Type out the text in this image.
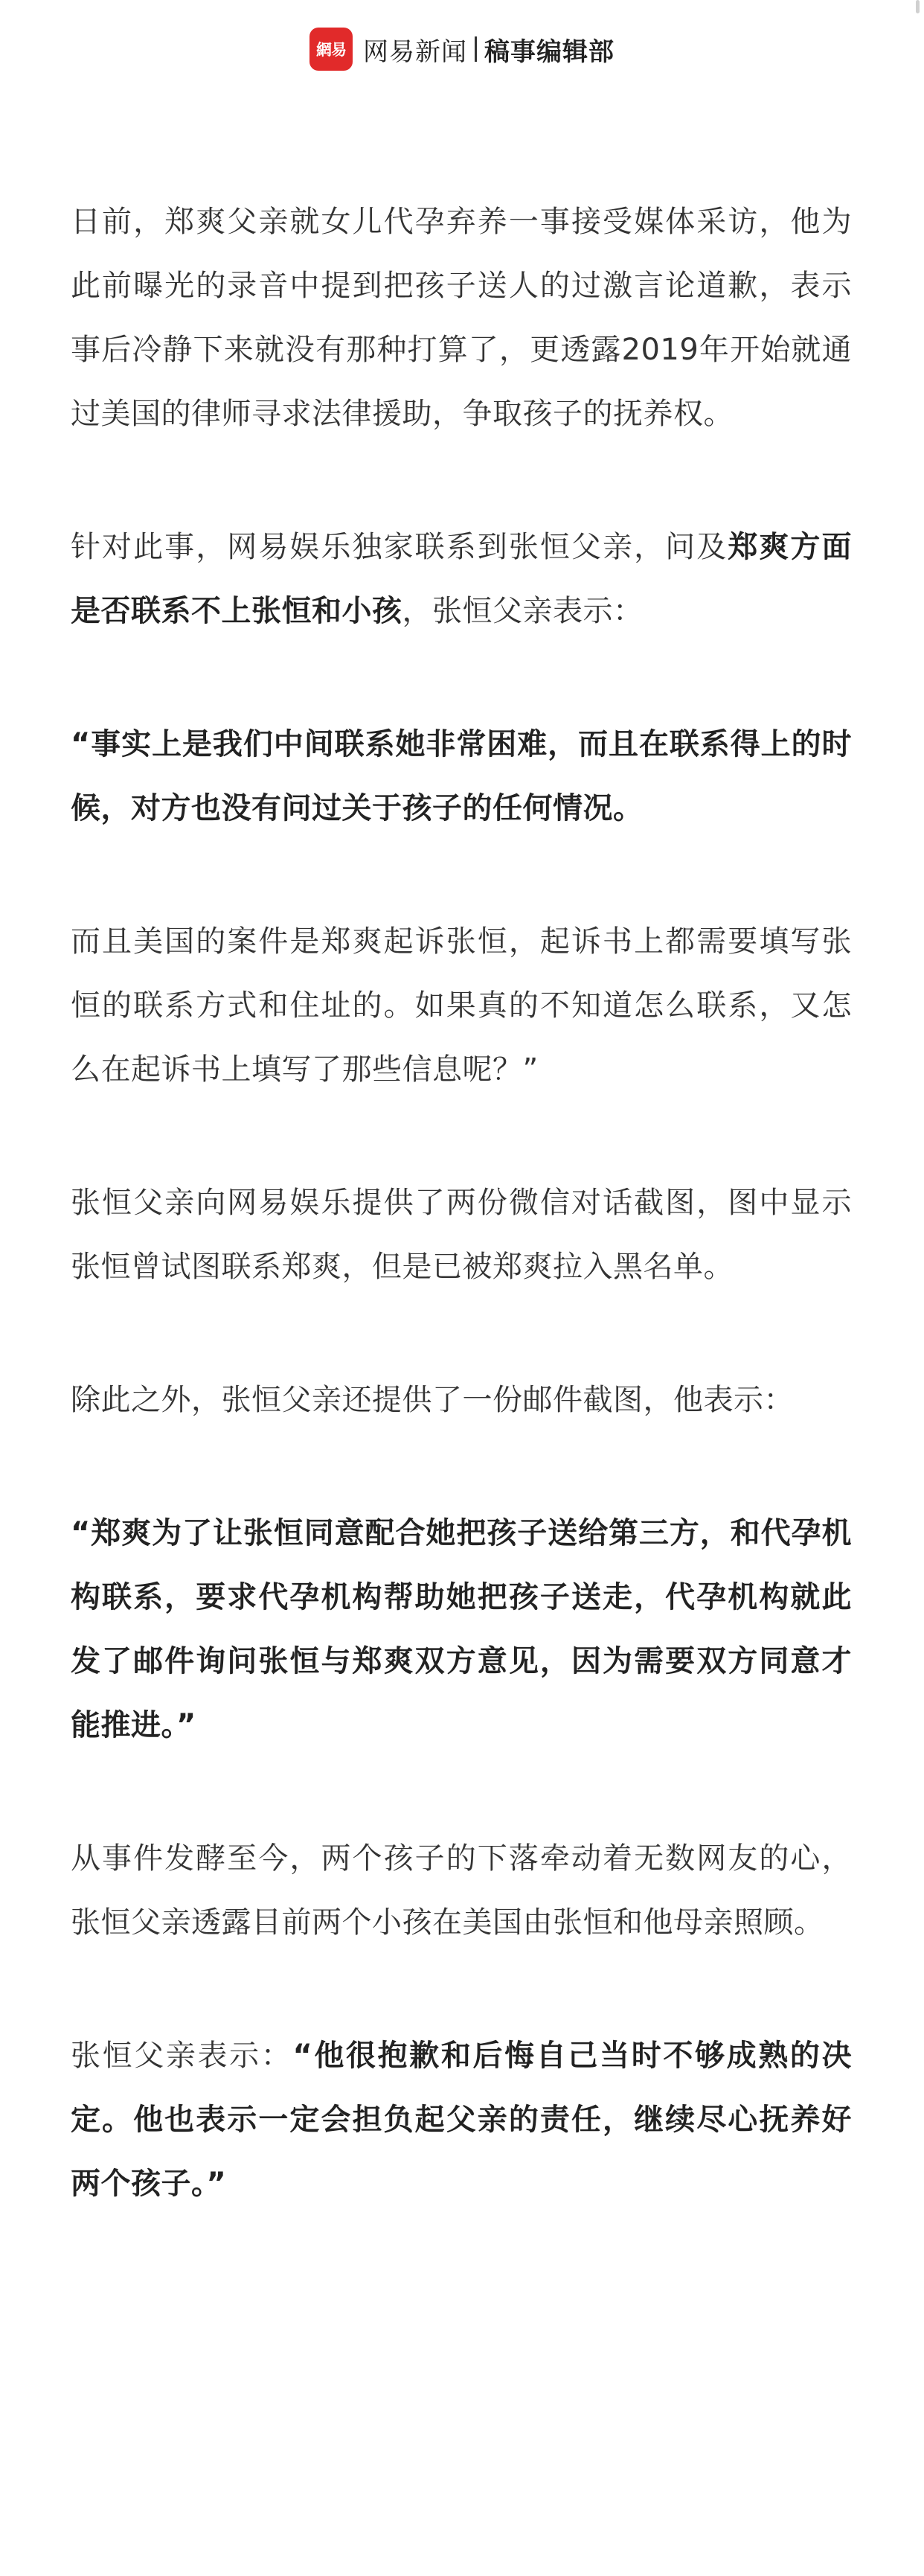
網易 网易新闻 稿事编辑部

日前，郑爽父亲就女儿代孕弃养一事接受媒体采访，他为此前曝光的录音中提到把孩子送人的过激言论道歉，表示事后冷静下来就没有那种打算了，更透露2019年开始就通过美国的律师寻求法律援助，争取孩子的抚养权。

针对此事，网易娱乐独家联系到张恒父亲，问及郑爽方面是否联系不上张恒和小孩，张恒父亲表示：

“事实上是我们中间联系她非常困难，而且在联系得上的时候，对方也没有问过关于孩子的任何情况。

而且美国的案件是郑爽起诉张恒，起诉书上都需要填写张恒的联系方式和住址的。如果真的不知道怎么联系，又怎么在起诉书上填写了那些信息呢？”

张恒父亲向网易娱乐提供了两份微信对话截图，图中显示张恒曾试图联系郑爽，但是已被郑爽拉入黑名单。

除此之外，张恒父亲还提供了一份邮件截图，他表示：

“郑爽为了让张恒同意配合她把孩子送给第三方，和代孕机构联系，要求代孕机构帮助她把孩子送走，代孕机构就此发了邮件询问张恒与郑爽双方意见，因为需要双方同意才能推进。”

从事件发酵至今，两个孩子的下落牵动着无数网友的心，张恒父亲透露目前两个小孩在美国由张恒和他母亲照顾。

张恒父亲表示：“他很抱歉和后悔自己当时不够成熟的决定。他也表示一定会担负起父亲的责任，继续尽心抚养好两个孩子。”
